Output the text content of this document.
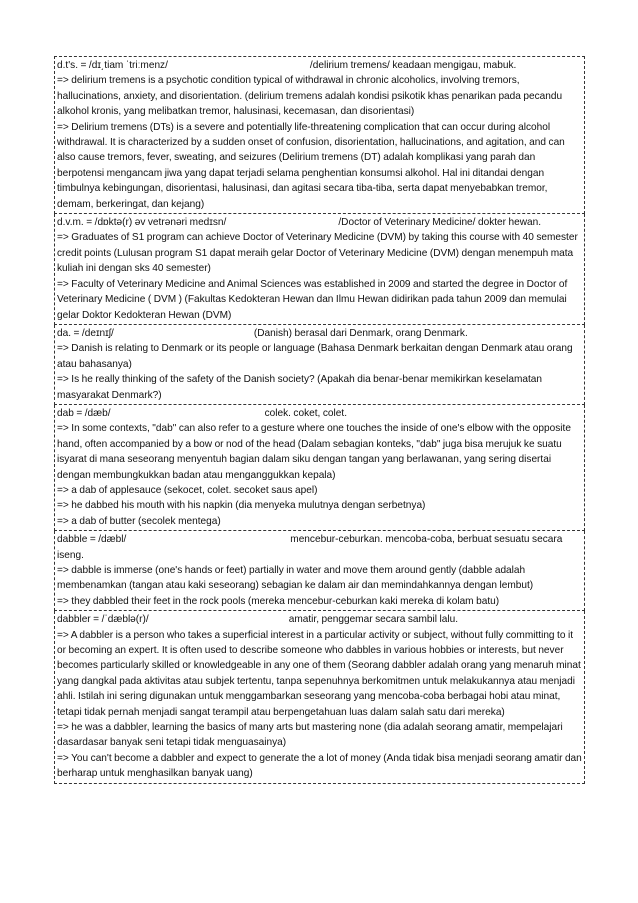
d.t's. = /dɪ͵tiam ˈtriːmenz/	/delirium tremens/ keadaan mengigau, mabuk.
=> delirium tremens is a psychotic condition typical of withdrawal in chronic alcoholics, involving tremors, hallucinations, anxiety, and disorientation. (delirium tremens adalah kondisi psikotik khas penarikan pada pecandu alkohol kronis, yang melibatkan tremor, halusinasi, kecemasan, dan disorientasi)
=> Delirium tremens (DTs) is a severe and potentially life-threatening complication that can occur during alcohol withdrawal. It is characterized by a sudden onset of confusion, disorientation, hallucinations, and agitation, and can also cause tremors, fever, sweating, and seizures (Delirium tremens (DT) adalah komplikasi yang parah dan berpotensi mengancam jiwa yang dapat terjadi selama penghentian konsumsi alkohol. Hal ini ditandai dengan timbulnya kebingungan, disorientasi, halusinasi, dan agitasi secara tiba-tiba, serta dapat menyebabkan tremor, demam, berkeringat, dan kejang)
d.v.m. = /dɒktə(r) əv vetrənəri medɪsn/	/Doctor of Veterinary Medicine/ dokter hewan.
=> Graduates of S1 program can achieve Doctor of Veterinary Medicine (DVM) by taking this course with 40 semester credit points (Lulusan program S1 dapat meraih gelar Doctor of Veterinary Medicine (DVM) dengan menempuh mata kuliah ini dengan sks 40 semester)
=> Faculty of Veterinary Medicine and Animal Sciences was established in 2009 and started the degree in Doctor of Veterinary Medicine ( DVM ) (Fakultas Kedokteran Hewan dan Ilmu Hewan didirikan pada tahun 2009 dan memulai gelar Doktor Kedokteran Hewan (DVM)
da. = /deɪnɪʃ/	(Danish) berasal dari Denmark, orang Denmark.
=> Danish is relating to Denmark or its people or language (Bahasa Denmark berkaitan dengan Denmark atau orang atau bahasanya)
=> Is he really thinking of the safety of the Danish society? (Apakah dia benar-benar memikirkan keselamatan masyarakat Denmark?)
dab = /dæb/	colek. coket, colet.
=> In some contexts, "dab" can also refer to a gesture where one touches the inside of one's elbow with the opposite hand, often accompanied by a bow or nod of the head (Dalam sebagian konteks, "dab" juga bisa merujuk ke suatu isyarat di mana seseorang menyentuh bagian dalam siku dengan tangan yang berlawanan, yang sering disertai dengan membungkukkan badan atau menganggukkan kepala)
=> a dab of applesauce (sekocet, colet. secoket saus apel)
=> he dabbed his mouth with his napkin (dia menyeka mulutnya dengan serbetnya)
=> a dab of butter (secolek mentega)
dabble = /dæbl/	mencebur-ceburkan. mencoba-coba, berbuat sesuatu secara iseng.
=> dabble is immerse (one's hands or feet) partially in water and move them around gently (dabble adalah membenamkan (tangan atau kaki seseorang) sebagian ke dalam air dan memindahkannya dengan lembut)
=> they dabbled their feet in the rock pools (mereka mencebur-ceburkan kaki mereka di kolam batu)
dabbler = /ˈdæblə(r)/	amatir, penggemar secara sambil lalu.
=> A dabbler is a person who takes a superficial interest in a particular activity or subject, without fully committing to it or becoming an expert. It is often used to describe someone who dabbles in various hobbies or interests, but never becomes particularly skilled or knowledgeable in any one of them (Seorang dabbler adalah orang yang menaruh minat yang dangkal pada aktivitas atau subjek tertentu, tanpa sepenuhnya berkomitmen untuk melakukannya atau menjadi ahli. Istilah ini sering digunakan untuk menggambarkan seseorang yang mencoba-coba berbagai hobi atau minat, tetapi tidak pernah menjadi sangat terampil atau berpengetahuan luas dalam salah satu dari mereka)
=> he was a dabbler, learning the basics of many arts but mastering none (dia adalah seorang amatir, mempelajari dasardasar banyak seni tetapi tidak menguasainya)
=> You can't become a dabbler and expect to generate the a lot of money (Anda tidak bisa menjadi seorang amatir dan berharap untuk menghasilkan banyak uang)
